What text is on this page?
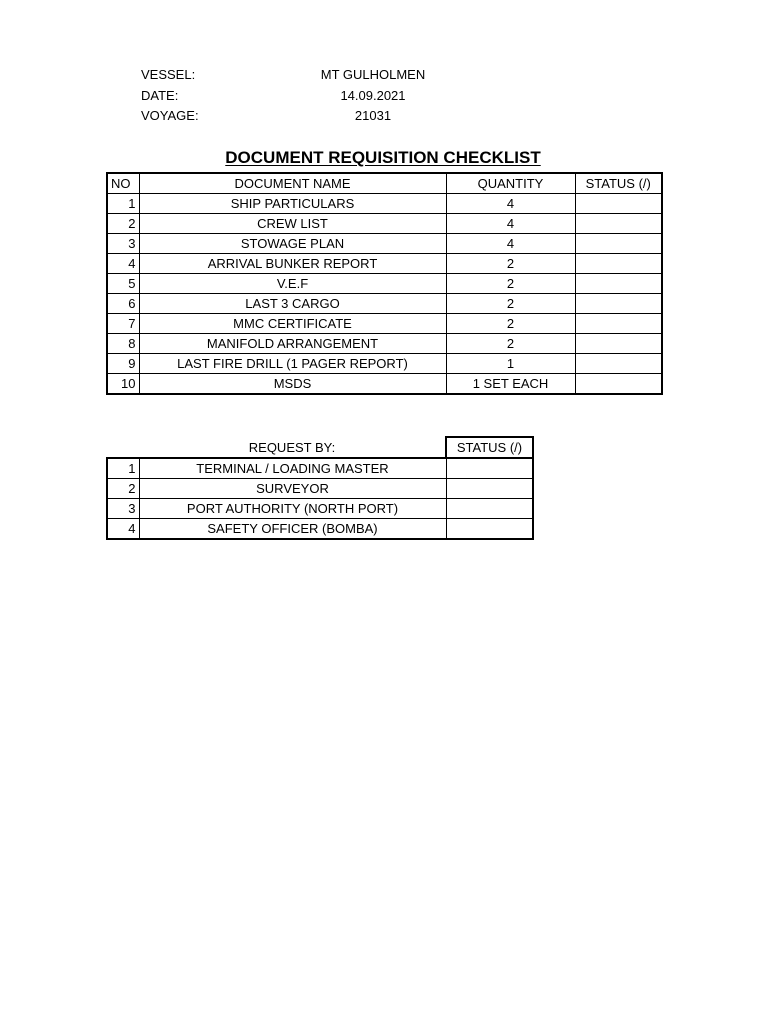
VESSEL:	MT GULHOLMEN
DATE:	14.09.2021
VOYAGE:	21031
DOCUMENT REQUISITION CHECKLIST
NO	DOCUMENT NAME	QUANTITY	STATUS (/)
1	SHIP PARTICULARS	4	
2	CREW LIST	4	
3	STOWAGE PLAN	4	
4	ARRIVAL BUNKER REPORT	2	
5	V.E.F	2	
6	LAST 3 CARGO	2	
7	MMC CERTIFICATE	2	
8	MANIFOLD ARRANGEMENT	2	
9	LAST FIRE DRILL (1 PAGER REPORT)	1	
10	MSDS	1 SET EACH	
	REQUEST BY:	STATUS (/)
1	TERMINAL / LOADING MASTER	
2	SURVEYOR	
3	PORT AUTHORITY (NORTH PORT)	
4	SAFETY OFFICER (BOMBA)	
